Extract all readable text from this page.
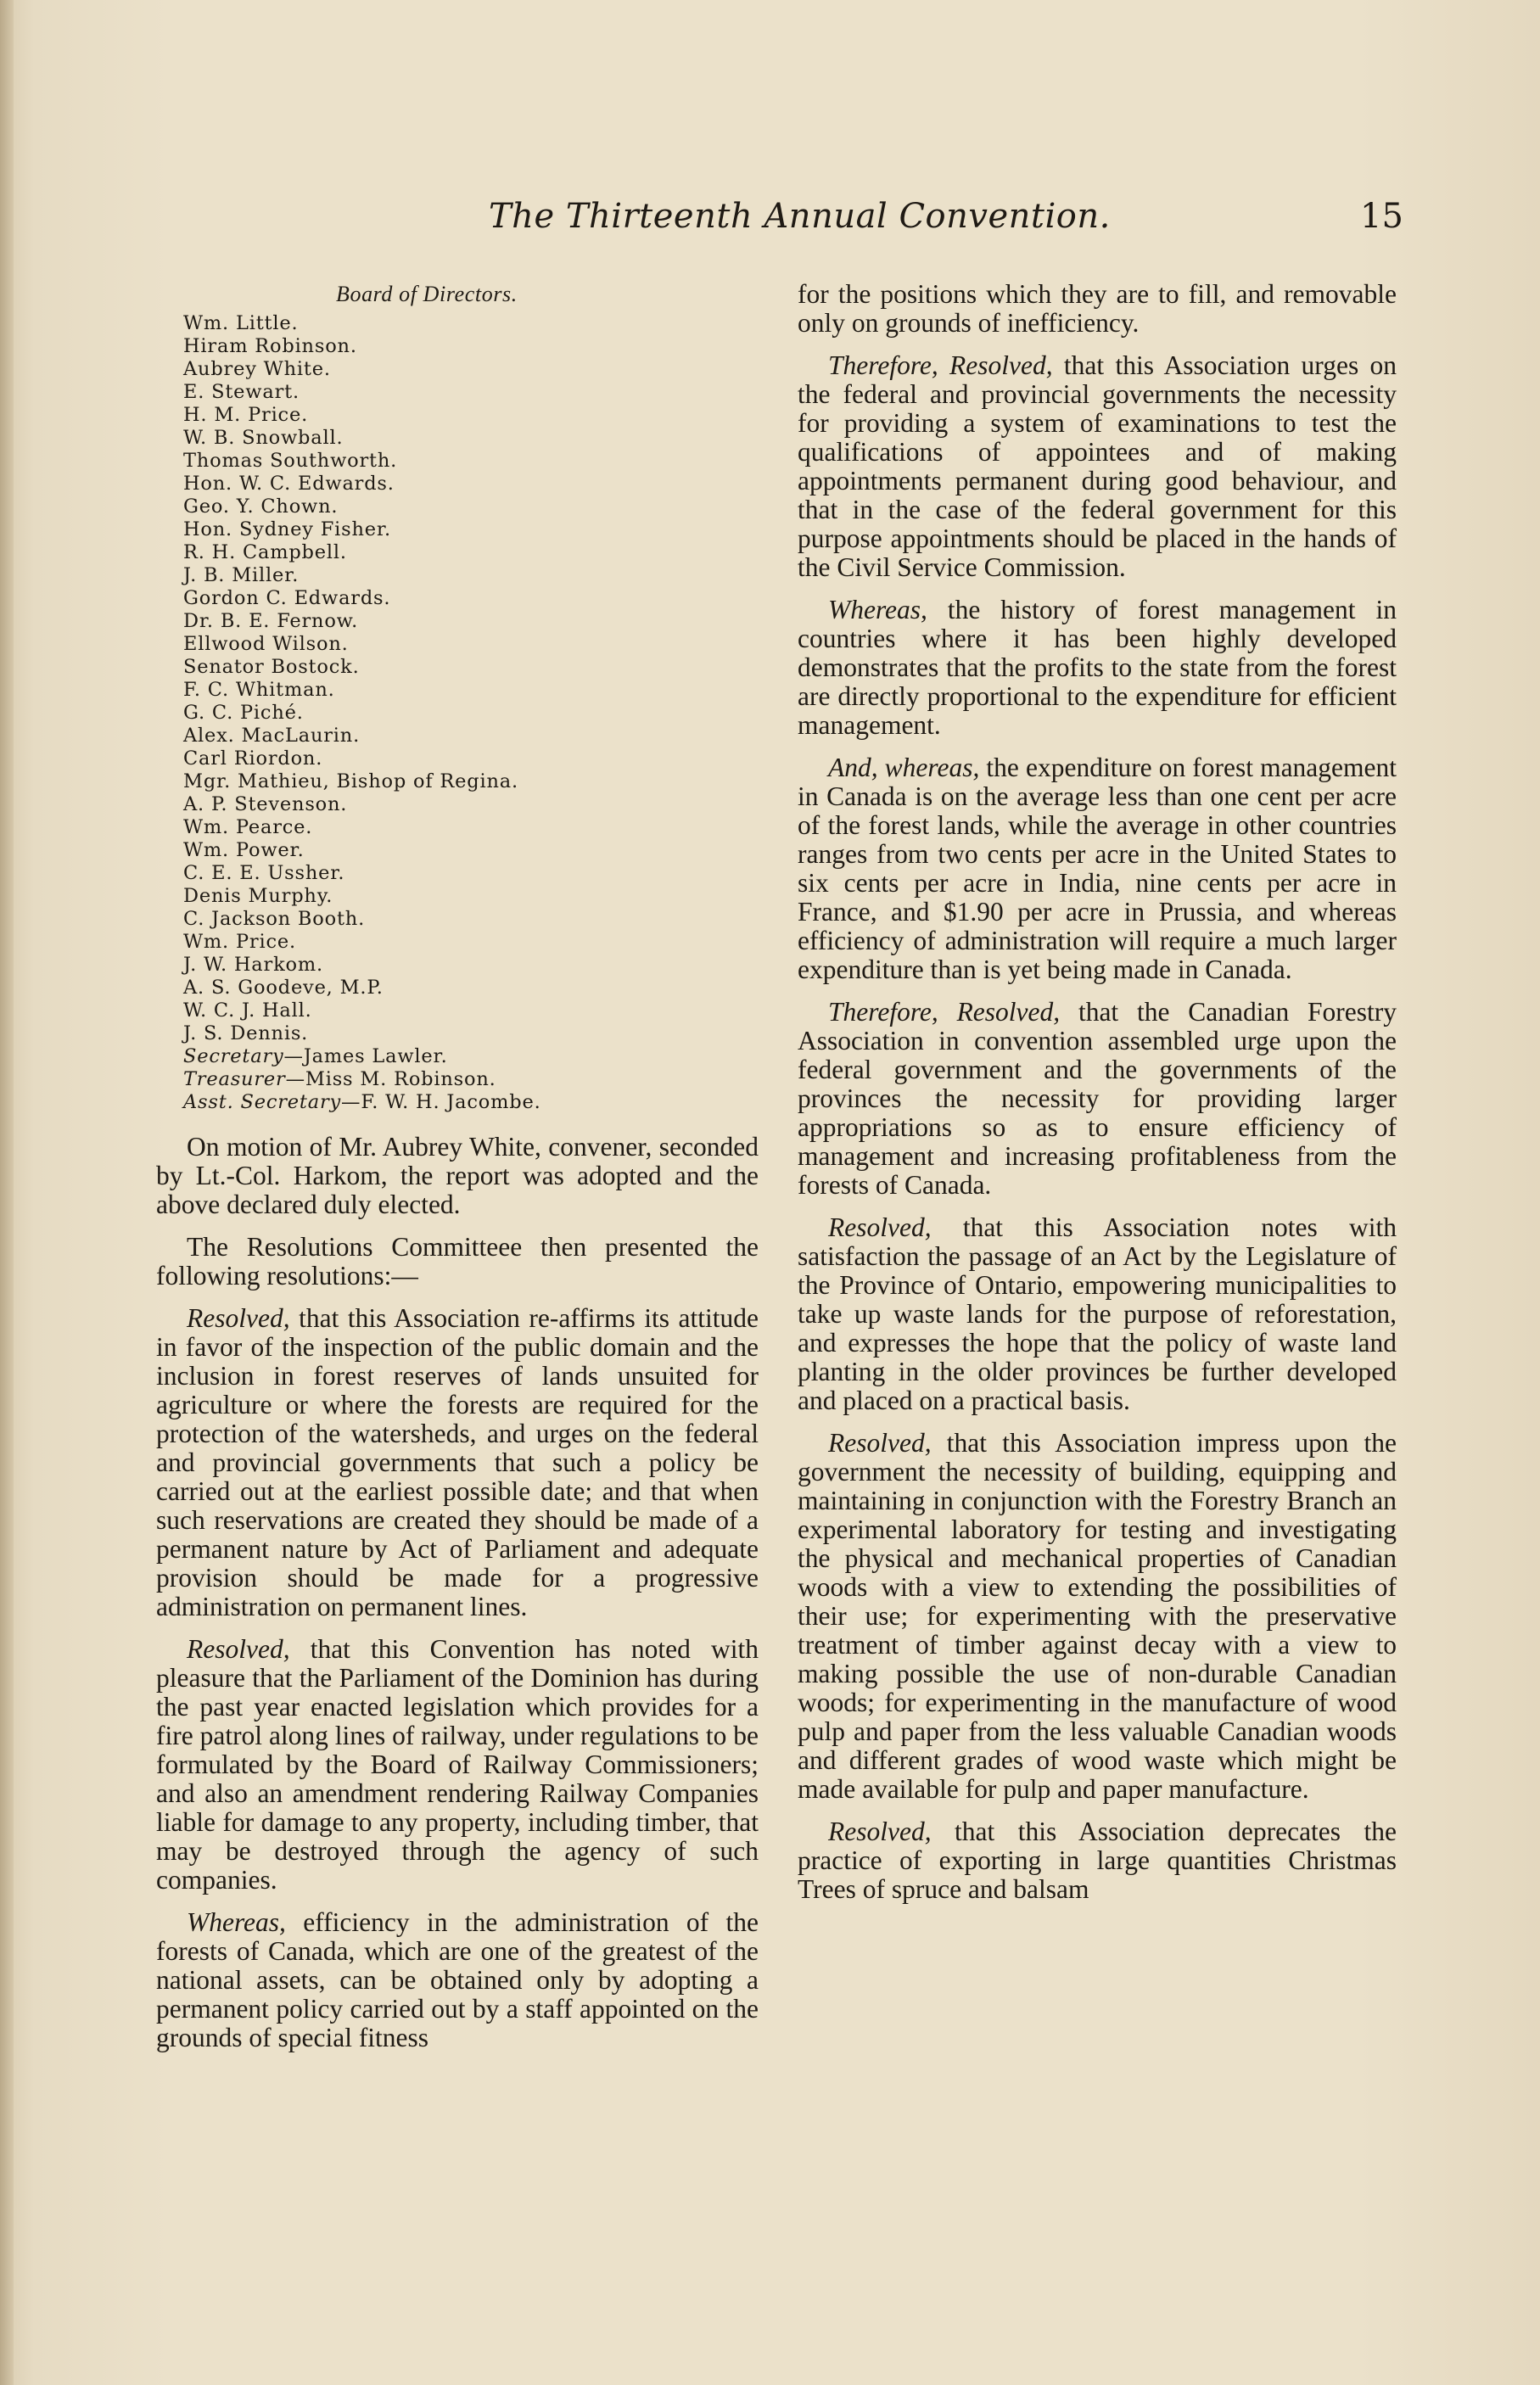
The Thirteenth Annual Convention.	15
Board of Directors.
Wm. Little.
Hiram Robinson.
Aubrey White.
E. Stewart.
H. M. Price.
W. B. Snowball.
Thomas Southworth.
Hon. W. C. Edwards.
Geo. Y. Chown.
Hon. Sydney Fisher.
R. H. Campbell.
J. B. Miller.
Gordon C. Edwards.
Dr. B. E. Fernow.
Ellwood Wilson.
Senator Bostock.
F. C. Whitman.
G. C. Piché.
Alex. MacLaurin.
Carl Riordon.
Mgr. Mathieu, Bishop of Regina.
A. P. Stevenson.
Wm. Pearce.
Wm. Power.
C. E. E. Ussher.
Denis Murphy.
C. Jackson Booth.
Wm. Price.
J. W. Harkom.
A. S. Goodeve, M.P.
W. C. J. Hall.
J. S. Dennis.
Secretary—James Lawler.
Treasurer—Miss M. Robinson.
Asst. Secretary—F. W. H. Jacombe.

On motion of Mr. Aubrey White, convener, seconded by Lt.-Col. Harkom, the report was adopted and the above declared duly elected.

The Resolutions Committeee then presented the following resolutions:—

Resolved, that this Association re-affirms its attitude in favor of the inspection of the public domain and the inclusion in forest reserves of lands unsuited for agriculture or where the forests are required for the protection of the watersheds, and urges on the federal and provincial governments that such a policy be carried out at the earliest possible date; and that when such reservations are created they should be made of a permanent nature by Act of Parliament and adequate provision should be made for a progressive administration on permanent lines.

Resolved, that this Convention has noted with pleasure that the Parliament of the Dominion has during the past year enacted legislation which provides for a fire patrol along lines of railway, under regulations to be formulated by the Board of Railway Commissioners; and also an amendment rendering Railway Companies liable for damage to any property, including timber, that may be destroyed through the agency of such companies.

Whereas, efficiency in the administration of the forests of Canada, which are one of the greatest of the national assets, can be obtained only by adopting a permanent policy carried out by a staff appointed on the grounds of special fitness

for the positions which they are to fill, and removable only on grounds of inefficiency.

Therefore, Resolved, that this Association urges on the federal and provincial governments the necessity for providing a system of examinations to test the qualifications of appointees and of making appointments permanent during good behaviour, and that in the case of the federal government for this purpose appointments should be placed in the hands of the Civil Service Commission.

Whereas, the history of forest management in countries where it has been highly developed demonstrates that the profits to the state from the forest are directly proportional to the expenditure for efficient management.

And, whereas, the expenditure on forest management in Canada is on the average less than one cent per acre of the forest lands, while the average in other countries ranges from two cents per acre in the United States to six cents per acre in India, nine cents per acre in France, and $1.90 per acre in Prussia, and whereas efficiency of administration will require a much larger expenditure than is yet being made in Canada.

Therefore, Resolved, that the Canadian Forestry Association in convention assembled urge upon the federal government and the governments of the provinces the necessity for providing larger appropriations so as to ensure efficiency of management and increasing profitableness from the forests of Canada.

Resolved, that this Association notes with satisfaction the passage of an Act by the Legislature of the Province of Ontario, empowering municipalities to take up waste lands for the purpose of reforestation, and expresses the hope that the policy of waste land planting in the older provinces be further developed and placed on a practical basis.

Resolved, that this Association impress upon the government the necessity of building, equipping and maintaining in conjunction with the Forestry Branch an experimental laboratory for testing and investigating the physical and mechanical properties of Canadian woods with a view to extending the possibilities of their use; for experimenting with the preservative treatment of timber against decay with a view to making possible the use of non-durable Canadian woods; for experimenting in the manufacture of wood pulp and paper from the less valuable Canadian woods and different grades of wood waste which might be made available for pulp and paper manufacture.

Resolved, that this Association deprecates the practice of exporting in large quantities Christmas Trees of spruce and balsam
